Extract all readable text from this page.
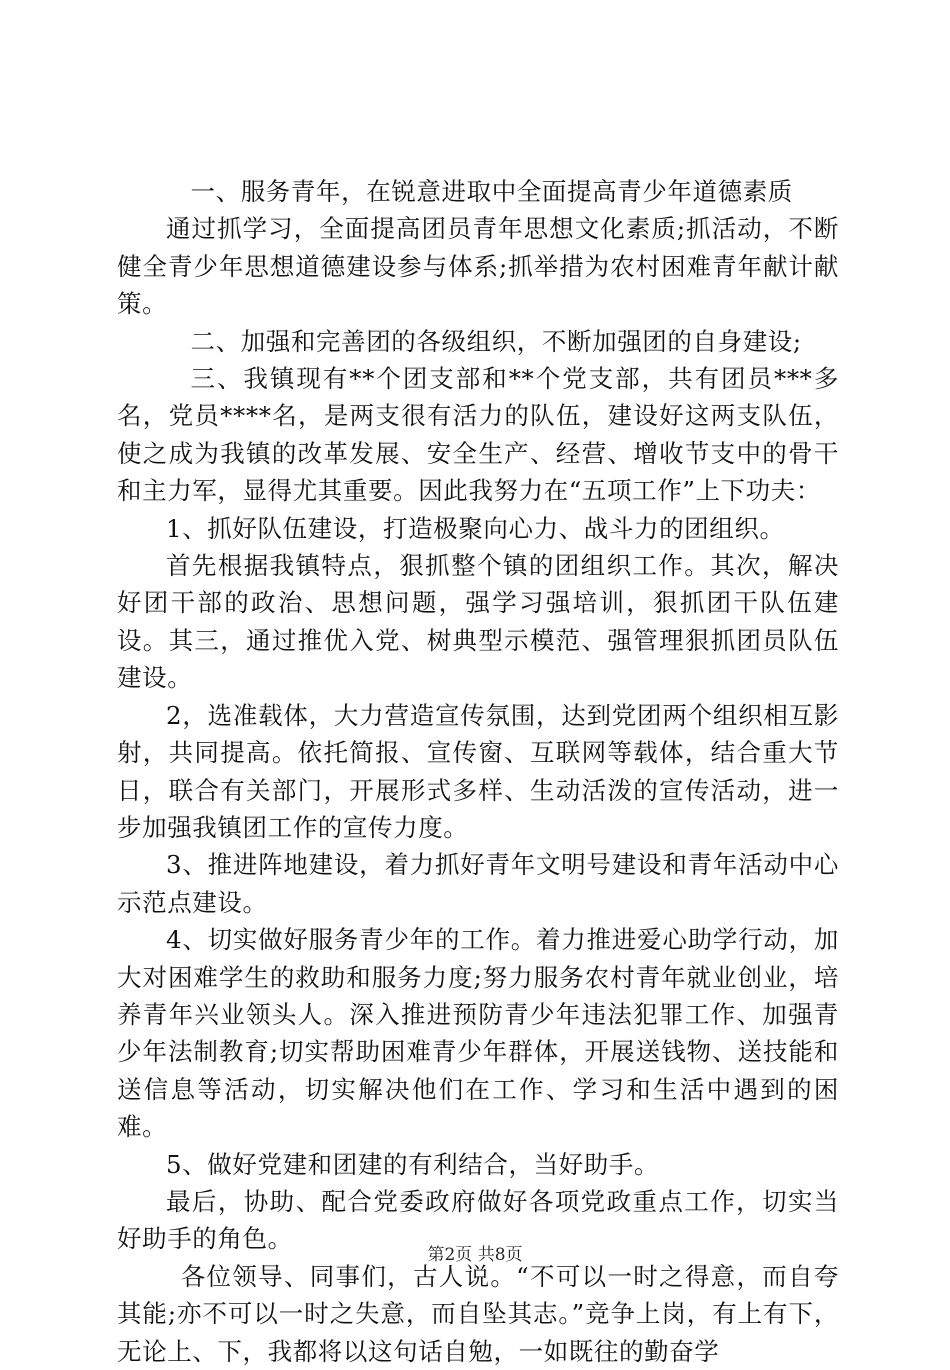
一、服务青年，在锐意进取中全面提高青少年道德素质

通过抓学习，全面提高团员青年思想文化素质;抓活动，不断健全青少年思想道德建设参与体系;抓举措为农村困难青年献计献策。

二、加强和完善团的各级组织，不断加强团的自身建设;

三、我镇现有**个团支部和**个党支部，共有团员***多名，党员****名，是两支很有活力的队伍，建设好这两支队伍，使之成为我镇的改革发展、安全生产、经营、增收节支中的骨干和主力军，显得尤其重要。因此我努力在“五项工作”上下功夫：

1、抓好队伍建设，打造极聚向心力、战斗力的团组织。

首先根据我镇特点，狠抓整个镇的团组织工作。其次，解决好团干部的政治、思想问题，强学习强培训，狠抓团干队伍建设。其三，通过推优入党、树典型示模范、强管理狠抓团员队伍建设。

2，选准载体，大力营造宣传氛围，达到党团两个组织相互影射，共同提高。依托简报、宣传窗、互联网等载体，结合重大节日，联合有关部门，开展形式多样、生动活泼的宣传活动，进一步加强我镇团工作的宣传力度。

3、推进阵地建设，着力抓好青年文明号建设和青年活动中心示范点建设。

4、切实做好服务青少年的工作。着力推进爱心助学行动，加大对困难学生的救助和服务力度;努力服务农村青年就业创业，培养青年兴业领头人。深入推进预防青少年违法犯罪工作、加强青少年法制教育;切实帮助困难青少年群体，开展送钱物、送技能和送信息等活动，切实解决他们在工作、学习和生活中遇到的困难。

5、做好党建和团建的有利结合，当好助手。

最后，协助、配合党委政府做好各项党政重点工作，切实当好助手的角色。

各位领导、同事们，古人说。“不可以一时之得意，而自夸其能;亦不可以一时之失意，而自坠其志。”竞争上岗，有上有下，无论上、下，我都将以这句话自勉，一如既往的勤奋学

第2页 共8页
